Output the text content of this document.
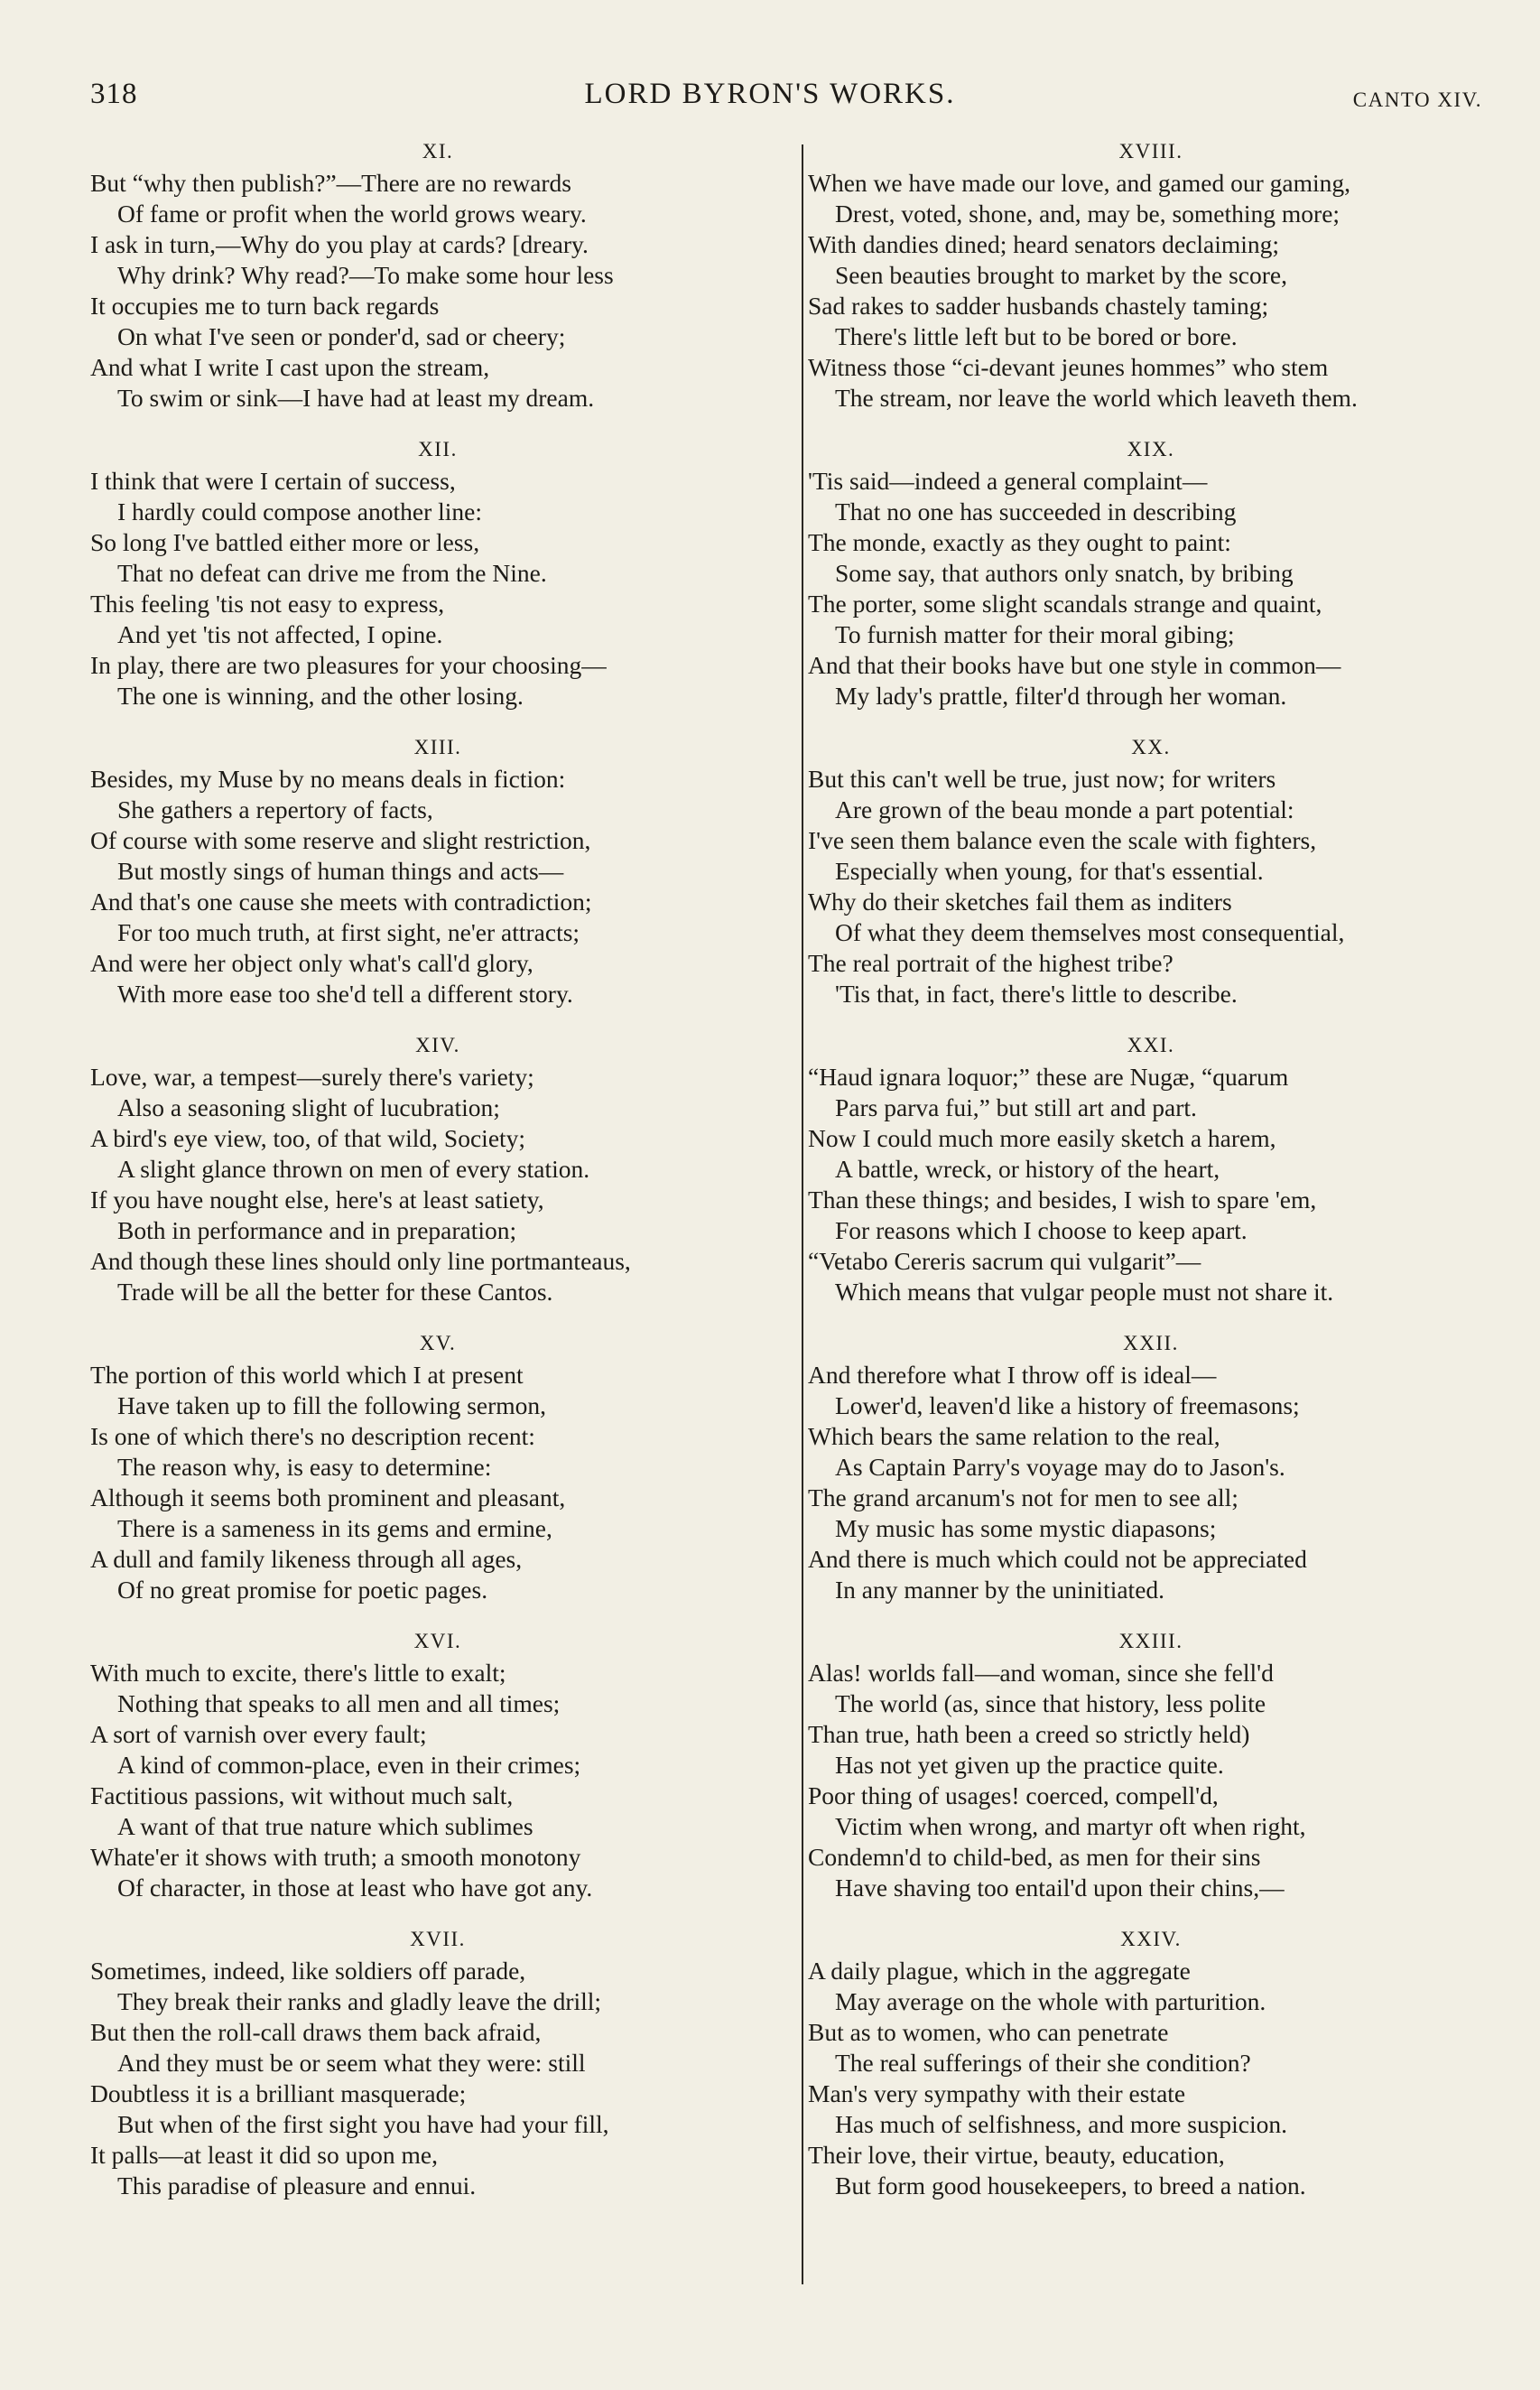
318	LORD BYRON'S WORKS.	CANTO XIV.
XI.
But “why then publish?”—There are no rewards
Of fame or profit when the world grows weary.
I ask in turn,—Why do you play at cards? [dreary.
Why drink? Why read?—To make some hour less
It occupies me to turn back regards
On what I've seen or ponder'd, sad or cheery;
And what I write I cast upon the stream,
To swim or sink—I have had at least my dream.
XII.
I think that were I certain of success,
I hardly could compose another line:
So long I've battled either more or less,
That no defeat can drive me from the Nine.
This feeling 'tis not easy to express,
And yet 'tis not affected, I opine.
In play, there are two pleasures for your choosing—
The one is winning, and the other losing.
XIII.
Besides, my Muse by no means deals in fiction:
She gathers a repertory of facts,
Of course with some reserve and slight restriction,
But mostly sings of human things and acts—
And that's one cause she meets with contradiction;
For too much truth, at first sight, ne'er attracts;
And were her object only what's call'd glory,
With more ease too she'd tell a different story.
XIV.
Love, war, a tempest—surely there's variety;
Also a seasoning slight of lucubration;
A bird's eye view, too, of that wild, Society;
A slight glance thrown on men of every station.
If you have nought else, here's at least satiety,
Both in performance and in preparation;
And though these lines should only line portmanteaus,
Trade will be all the better for these Cantos.
XV.
The portion of this world which I at present
Have taken up to fill the following sermon,
Is one of which there's no description recent:
The reason why, is easy to determine:
Although it seems both prominent and pleasant,
There is a sameness in its gems and ermine,
A dull and family likeness through all ages,
Of no great promise for poetic pages.
XVI.
With much to excite, there's little to exalt;
Nothing that speaks to all men and all times;
A sort of varnish over every fault;
A kind of common-place, even in their crimes;
Factitious passions, wit without much salt,
A want of that true nature which sublimes
Whate'er it shows with truth; a smooth monotony
Of character, in those at least who have got any.
XVII.
Sometimes, indeed, like soldiers off parade,
They break their ranks and gladly leave the drill;
But then the roll-call draws them back afraid,
And they must be or seem what they were: still
Doubtless it is a brilliant masquerade;
But when of the first sight you have had your fill,
It palls—at least it did so upon me,
This paradise of pleasure and ennui.
XVIII.
When we have made our love, and gamed our gaming,
Drest, voted, shone, and, may be, something more;
With dandies dined; heard senators declaiming;
Seen beauties brought to market by the score,
Sad rakes to sadder husbands chastely taming;
There's little left but to be bored or bore.
Witness those “ci-devant jeunes hommes” who stem
The stream, nor leave the world which leaveth them.
XIX.
'Tis said—indeed a general complaint—
That no one has succeeded in describing
The monde, exactly as they ought to paint:
Some say, that authors only snatch, by bribing
The porter, some slight scandals strange and quaint,
To furnish matter for their moral gibing;
And that their books have but one style in common—
My lady's prattle, filter'd through her woman.
XX.
But this can't well be true, just now; for writers
Are grown of the beau monde a part potential:
I've seen them balance even the scale with fighters,
Especially when young, for that's essential.
Why do their sketches fail them as inditers
Of what they deem themselves most consequential,
The real portrait of the highest tribe?
'Tis that, in fact, there's little to describe.
XXI.
“Haud ignara loquor;” these are Nugæ, “quarum
Pars parva fui,” but still art and part.
Now I could much more easily sketch a harem,
A battle, wreck, or history of the heart,
Than these things; and besides, I wish to spare 'em,
For reasons which I choose to keep apart.
“Vetabo Cereris sacrum qui vulgarit”—
Which means that vulgar people must not share it.
XXII.
And therefore what I throw off is ideal—
Lower'd, leaven'd like a history of freemasons;
Which bears the same relation to the real,
As Captain Parry's voyage may do to Jason's.
The grand arcanum's not for men to see all;
My music has some mystic diapasons;
And there is much which could not be appreciated
In any manner by the uninitiated.
XXIII.
Alas! worlds fall—and woman, since she fell'd
The world (as, since that history, less polite
Than true, hath been a creed so strictly held)
Has not yet given up the practice quite.
Poor thing of usages! coerced, compell'd,
Victim when wrong, and martyr oft when right,
Condemn'd to child-bed, as men for their sins
Have shaving too entail'd upon their chins,—
XXIV.
A daily plague, which in the aggregate
May average on the whole with parturition.
But as to women, who can penetrate
The real sufferings of their she condition?
Man's very sympathy with their estate
Has much of selfishness, and more suspicion.
Their love, their virtue, beauty, education,
But form good housekeepers, to breed a nation.
